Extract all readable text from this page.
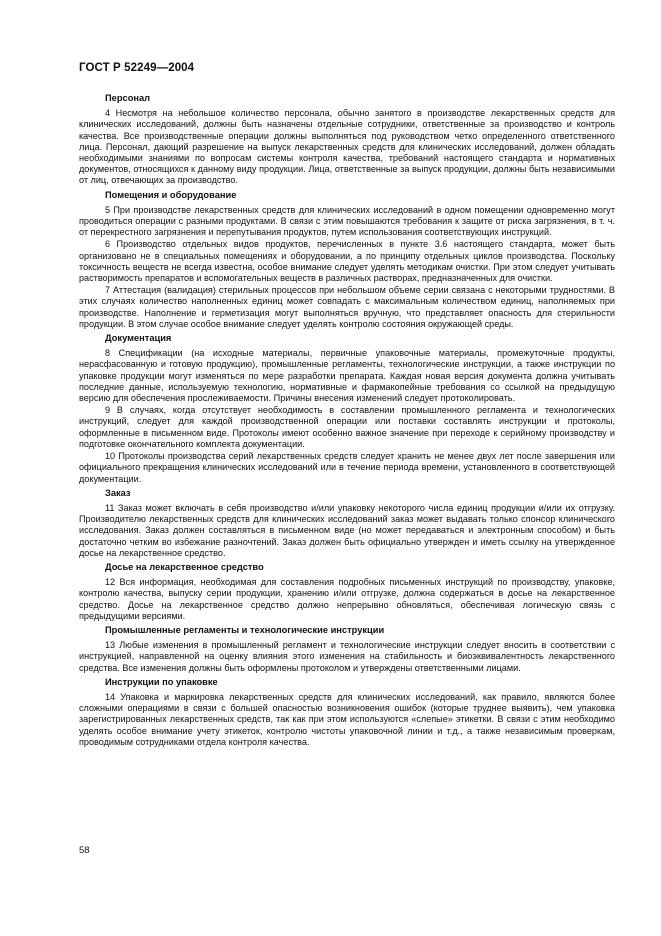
ГОСТ Р 52249—2004
Персонал
4 Несмотря на небольшое количество персонала, обычно занятого в производстве лекарственных средств для клинических исследований, должны быть назначены отдельные сотрудники, ответственные за производство и контроль качества. Все производственные операции должны выполняться под руководством четко определенного ответственного лица. Персонал, дающий разрешение на выпуск лекарственных средств для клинических исследований, должен обладать необходимыми знаниями по вопросам системы контроля качества, требований настоящего стандарта и нормативных документов, относящихся к данному виду продукции. Лица, ответственные за выпуск продукции, должны быть независимыми от лиц, отвечающих за производство.
Помещения и оборудование
5 При производстве лекарственных средств для клинических исследований в одном помещении одновременно могут проводиться операции с разными продуктами. В связи с этим повышаются требования к защите от риска загрязнения, в т. ч. от перекрестного загрязнения и перепутывания продуктов, путем использования соответствующих инструкций.
6 Производство отдельных видов продуктов, перечисленных в пункте 3.6 настоящего стандарта, может быть организовано не в специальных помещениях и оборудовании, а по принципу отдельных циклов производства. Поскольку токсичность веществ не всегда известна, особое внимание следует уделять методикам очистки. При этом следует учитывать растворимость препаратов и вспомогательных веществ в различных растворах, предназначенных для очистки.
7 Аттестация (валидация) стерильных процессов при небольшом объеме серии связана с некоторыми трудностями. В этих случаях количество наполненных единиц может совпадать с максимальным количеством единиц, наполняемых при производстве. Наполнение и герметизация могут выполняться вручную, что представляет опасность для стерильности продукции. В этом случае особое внимание следует уделять контролю состояния окружающей среды.
Документация
8 Спецификации (на исходные материалы, первичные упаковочные материалы, промежуточные продукты, нерасфасованную и готовую продукцию), промышленные регламенты, технологические инструкции, а также инструкции по упаковке продукции могут изменяться по мере разработки препарата. Каждая новая версия документа должна учитывать последние данные, используемую технологию, нормативные и фармакопейные требования со ссылкой на предыдущую версию для обеспечения прослеживаемости. Причины внесения изменений следует протоколировать.
9 В случаях, когда отсутствует необходимость в составлении промышленного регламента и технологических инструкций, следует для каждой производственной операции или поставки составлять инструкции и протоколы, оформленные в письменном виде. Протоколы имеют особенно важное значение при переходе к серийному производству и подготовке окончательного комплекта документации.
10 Протоколы производства серий лекарственных средств следует хранить не менее двух лет после завершения или официального прекращения клинических исследований или в течение периода времени, установленного в соответствующей документации.
Заказ
11 Заказ может включать в себя производство и/или упаковку некоторого числа единиц продукции и/или их отгрузку. Производителю лекарственных средств для клинических исследований заказ может выдавать только спонсор клинического исследования. Заказ должен составляться в письменном виде (но может передаваться и электронным способом) и быть достаточно четким во избежание разночтений. Заказ должен быть официально утвержден и иметь ссылку на утвержденное досье на лекарственное средство.
Досье на лекарственное средство
12 Вся информация, необходимая для составления подробных письменных инструкций по производству, упаковке, контролю качества, выпуску серии продукции, хранению и/или отгрузке, должна содержаться в досье на лекарственное средство. Досье на лекарственное средство должно непрерывно обновляться, обеспечивая логическую связь с предыдущими версиями.
Промышленные регламенты и технологические инструкции
13 Любые изменения в промышленный регламент и технологические инструкции следует вносить в соответствии с инструкцией, направленной на оценку влияния этого изменения на стабильность и биоэквивалентность лекарственного средства. Все изменения должны быть оформлены протоколом и утверждены ответственными лицами.
Инструкции по упаковке
14 Упаковка и маркировка лекарственных средств для клинических исследований, как правило, являются более сложными операциями в связи с большей опасностью возникновения ошибок (которые труднее выявить), чем упаковка зарегистрированных лекарственных средств, так как при этом используются «слепые» этикетки. В связи с этим необходимо уделять особое внимание учету этикеток, контролю чистоты упаковочной линии и т.д., а также независимым проверкам, проводимым сотрудниками отдела контроля качества.
58
